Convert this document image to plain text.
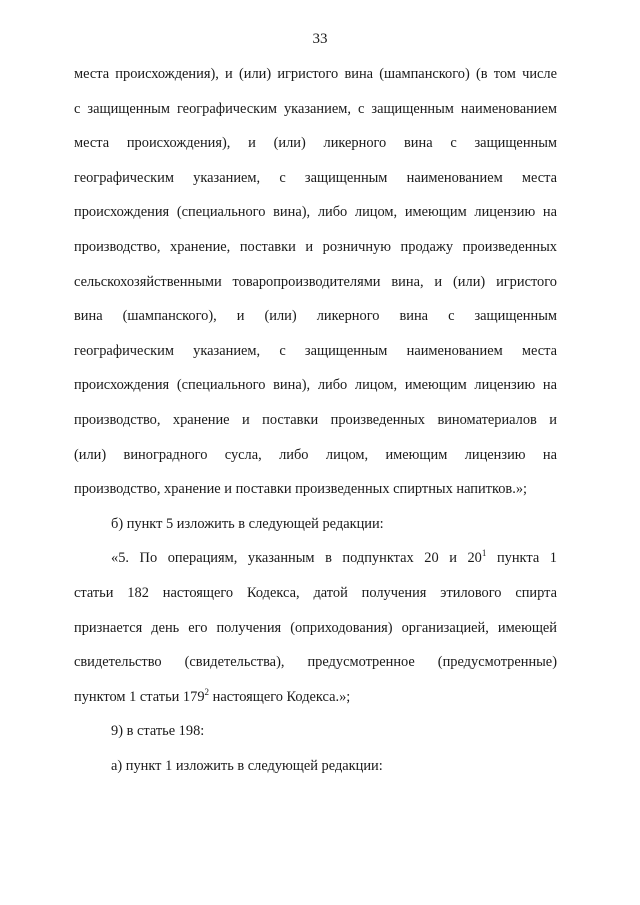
33
места происхождения), и (или) игристого вина (шампанского) (в том числе
с защищенным географическим указанием, с защищенным наименованием
места происхождения), и (или) ликерного вина с защищенным
географическим указанием, с защищенным наименованием места
происхождения (специального вина), либо лицом, имеющим лицензию на
производство, хранение, поставки и розничную продажу произведенных
сельскохозяйственными товаропроизводителями вина, и (или) игристого
вина (шампанского), и (или) ликерного вина с защищенным
географическим указанием, с защищенным наименованием места
происхождения (специального вина), либо лицом, имеющим лицензию на
производство, хранение и поставки произведенных виноматериалов и
(или) виноградного сусла, либо лицом, имеющим лицензию на
производство, хранение и поставки произведенных спиртных напитков.»;
б) пункт 5 изложить в следующей редакции:
«5. По операциям, указанным в подпунктах 20 и $20^1$ пункта 1
статьи 182 настоящего Кодекса, датой получения этилового спирта
признается день его получения (оприходования) организацией, имеющей
свидетельство (свидетельства), предусмотренное (предусмотренные)
пунктом 1 статьи $179^2$ настоящего Кодекса.»;
9) в статье 198:
а) пункт 1 изложить в следующей редакции:
